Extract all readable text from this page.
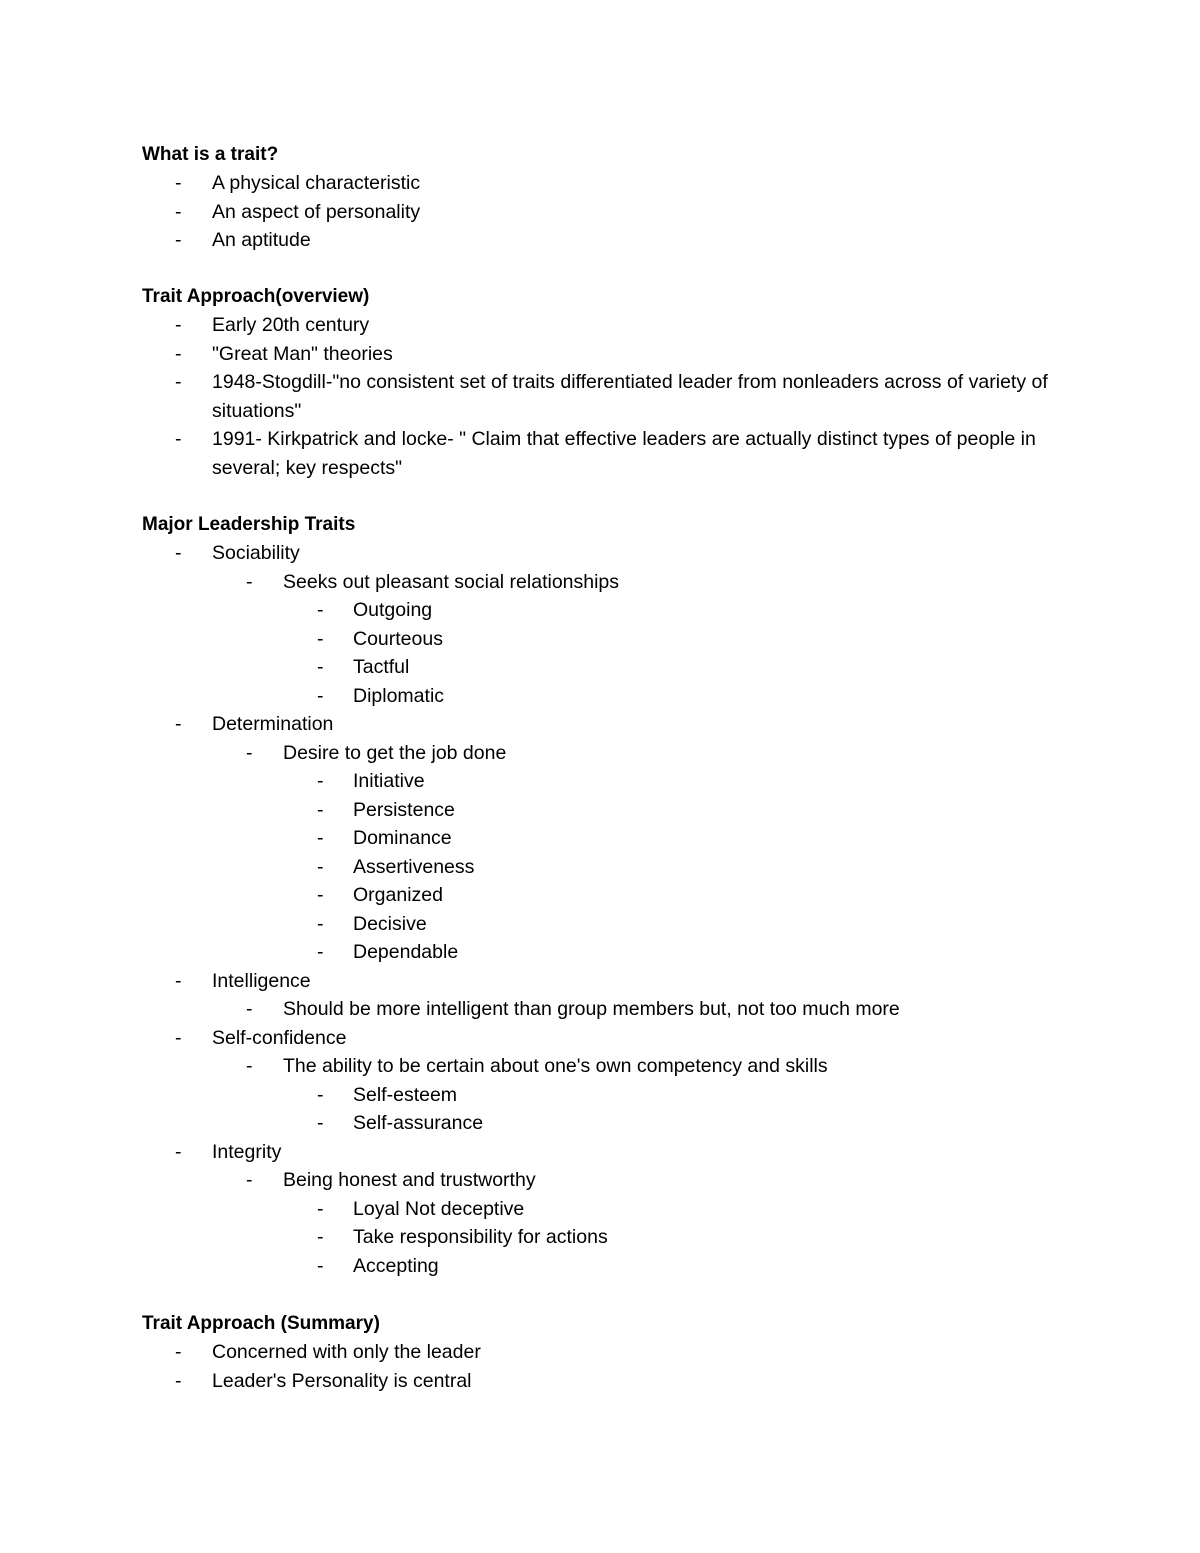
What is a trait?
-	A physical characteristic
-	An aspect of personality
-	An aptitude
Trait Approach(overview)
-	Early 20th century
-	"Great Man" theories
-	1948-Stogdill-"no consistent set of traits differentiated leader from nonleaders across of variety of situations"
-	1991- Kirkpatrick and locke- " Claim that effective leaders are actually distinct types of people in several; key respects"
Major Leadership Traits
-	Sociability
-	Seeks out pleasant social relationships
-	Outgoing
-	Courteous
-	Tactful
-	Diplomatic
-	Determination
-	Desire to get the job done
-	Initiative
-	Persistence
-	Dominance
-	Assertiveness
-	Organized
-	Decisive
-	Dependable
-	Intelligence
-	Should be more intelligent than group members but, not too much more
-	Self-confidence
-	The ability to be certain about one's own competency and skills
-	Self-esteem
-	Self-assurance
-	Integrity
-	Being honest and trustworthy
-	Loyal Not deceptive
-	Take responsibility for actions
-	Accepting
Trait Approach (Summary)
-	Concerned with only the leader
-	Leader's Personality is central
